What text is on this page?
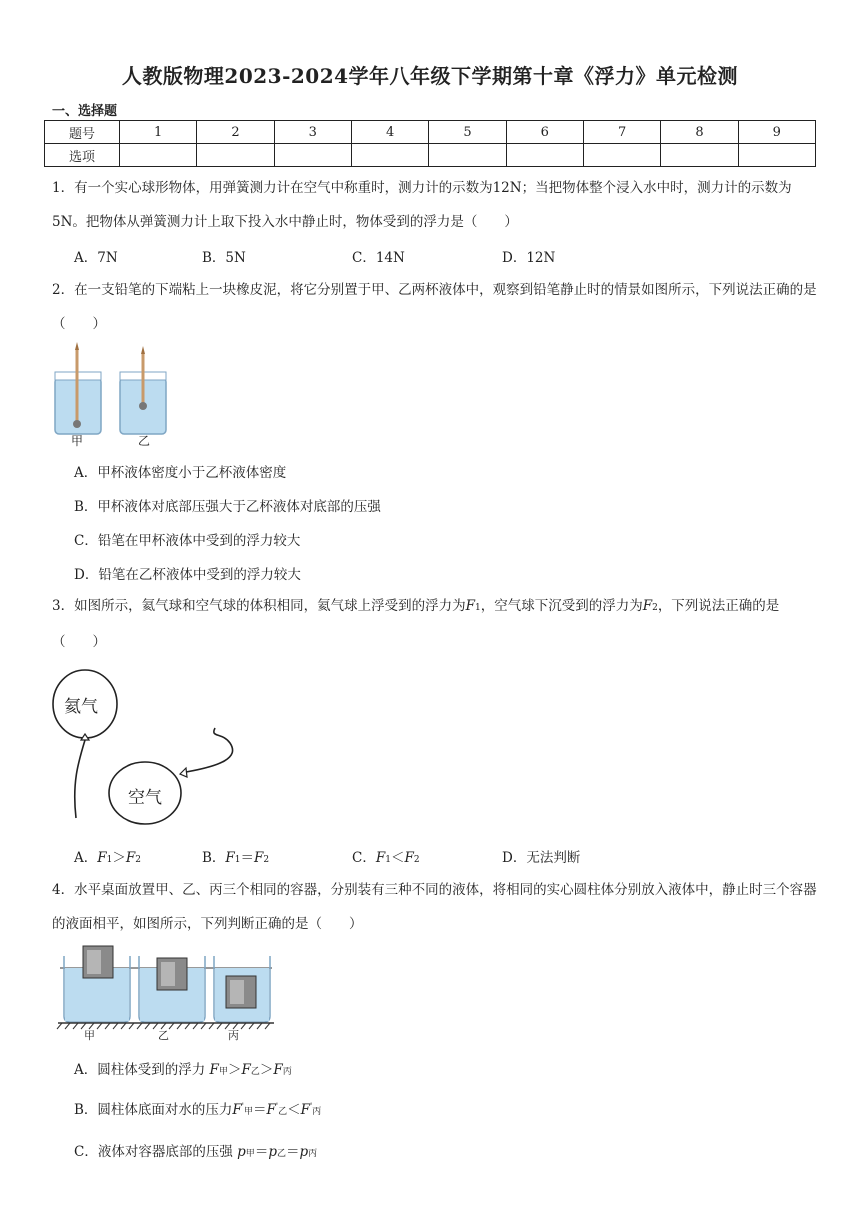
人教版物理2023-2024学年八年级下学期第十章《浮力》单元检测
一、选择题
题号	1	2	3	4	5	6	7	8	9
选项									
1．有一个实心球形物体，用弹簧测力计在空气中称重时，测力计的示数为12N；当把物体整个浸入水中时，测力计的示数为5N。把物体从弹簧测力计上取下投入水中静止时，物体受到的浮力是（　　）
A．7N	B．5N	C．14N	D．12N
2．在一支铅笔的下端粘上一块橡皮泥，将它分别置于甲、乙两杯液体中，观察到铅笔静止时的情景如图所示，下列说法正确的是（　　）
甲	乙
A．甲杯液体密度小于乙杯液体密度
B．甲杯液体对底部压强大于乙杯液体对底部的压强
C．铅笔在甲杯液体中受到的浮力较大
D．铅笔在乙杯液体中受到的浮力较大
3．如图所示，氦气球和空气球的体积相同，氦气球上浮受到的浮力为F1，空气球下沉受到的浮力为F2，下列说法正确的是（　　）
氦气
空气
A．F1＞F2	B．F1＝F2	C．F1＜F2	D．无法判断
4．水平桌面放置甲、乙、丙三个相同的容器，分别装有三种不同的液体，将相同的实心圆柱体分别放入液体中，静止时三个容器的液面相平，如图所示，下列判断正确的是（　　）
甲	乙	丙
A．圆柱体受到的浮力 F甲＞F乙＞F丙
B．圆柱体底面对水的压力F'甲＝F'乙＜F'丙
C．液体对容器底部的压强 p甲＝p乙＝p丙
